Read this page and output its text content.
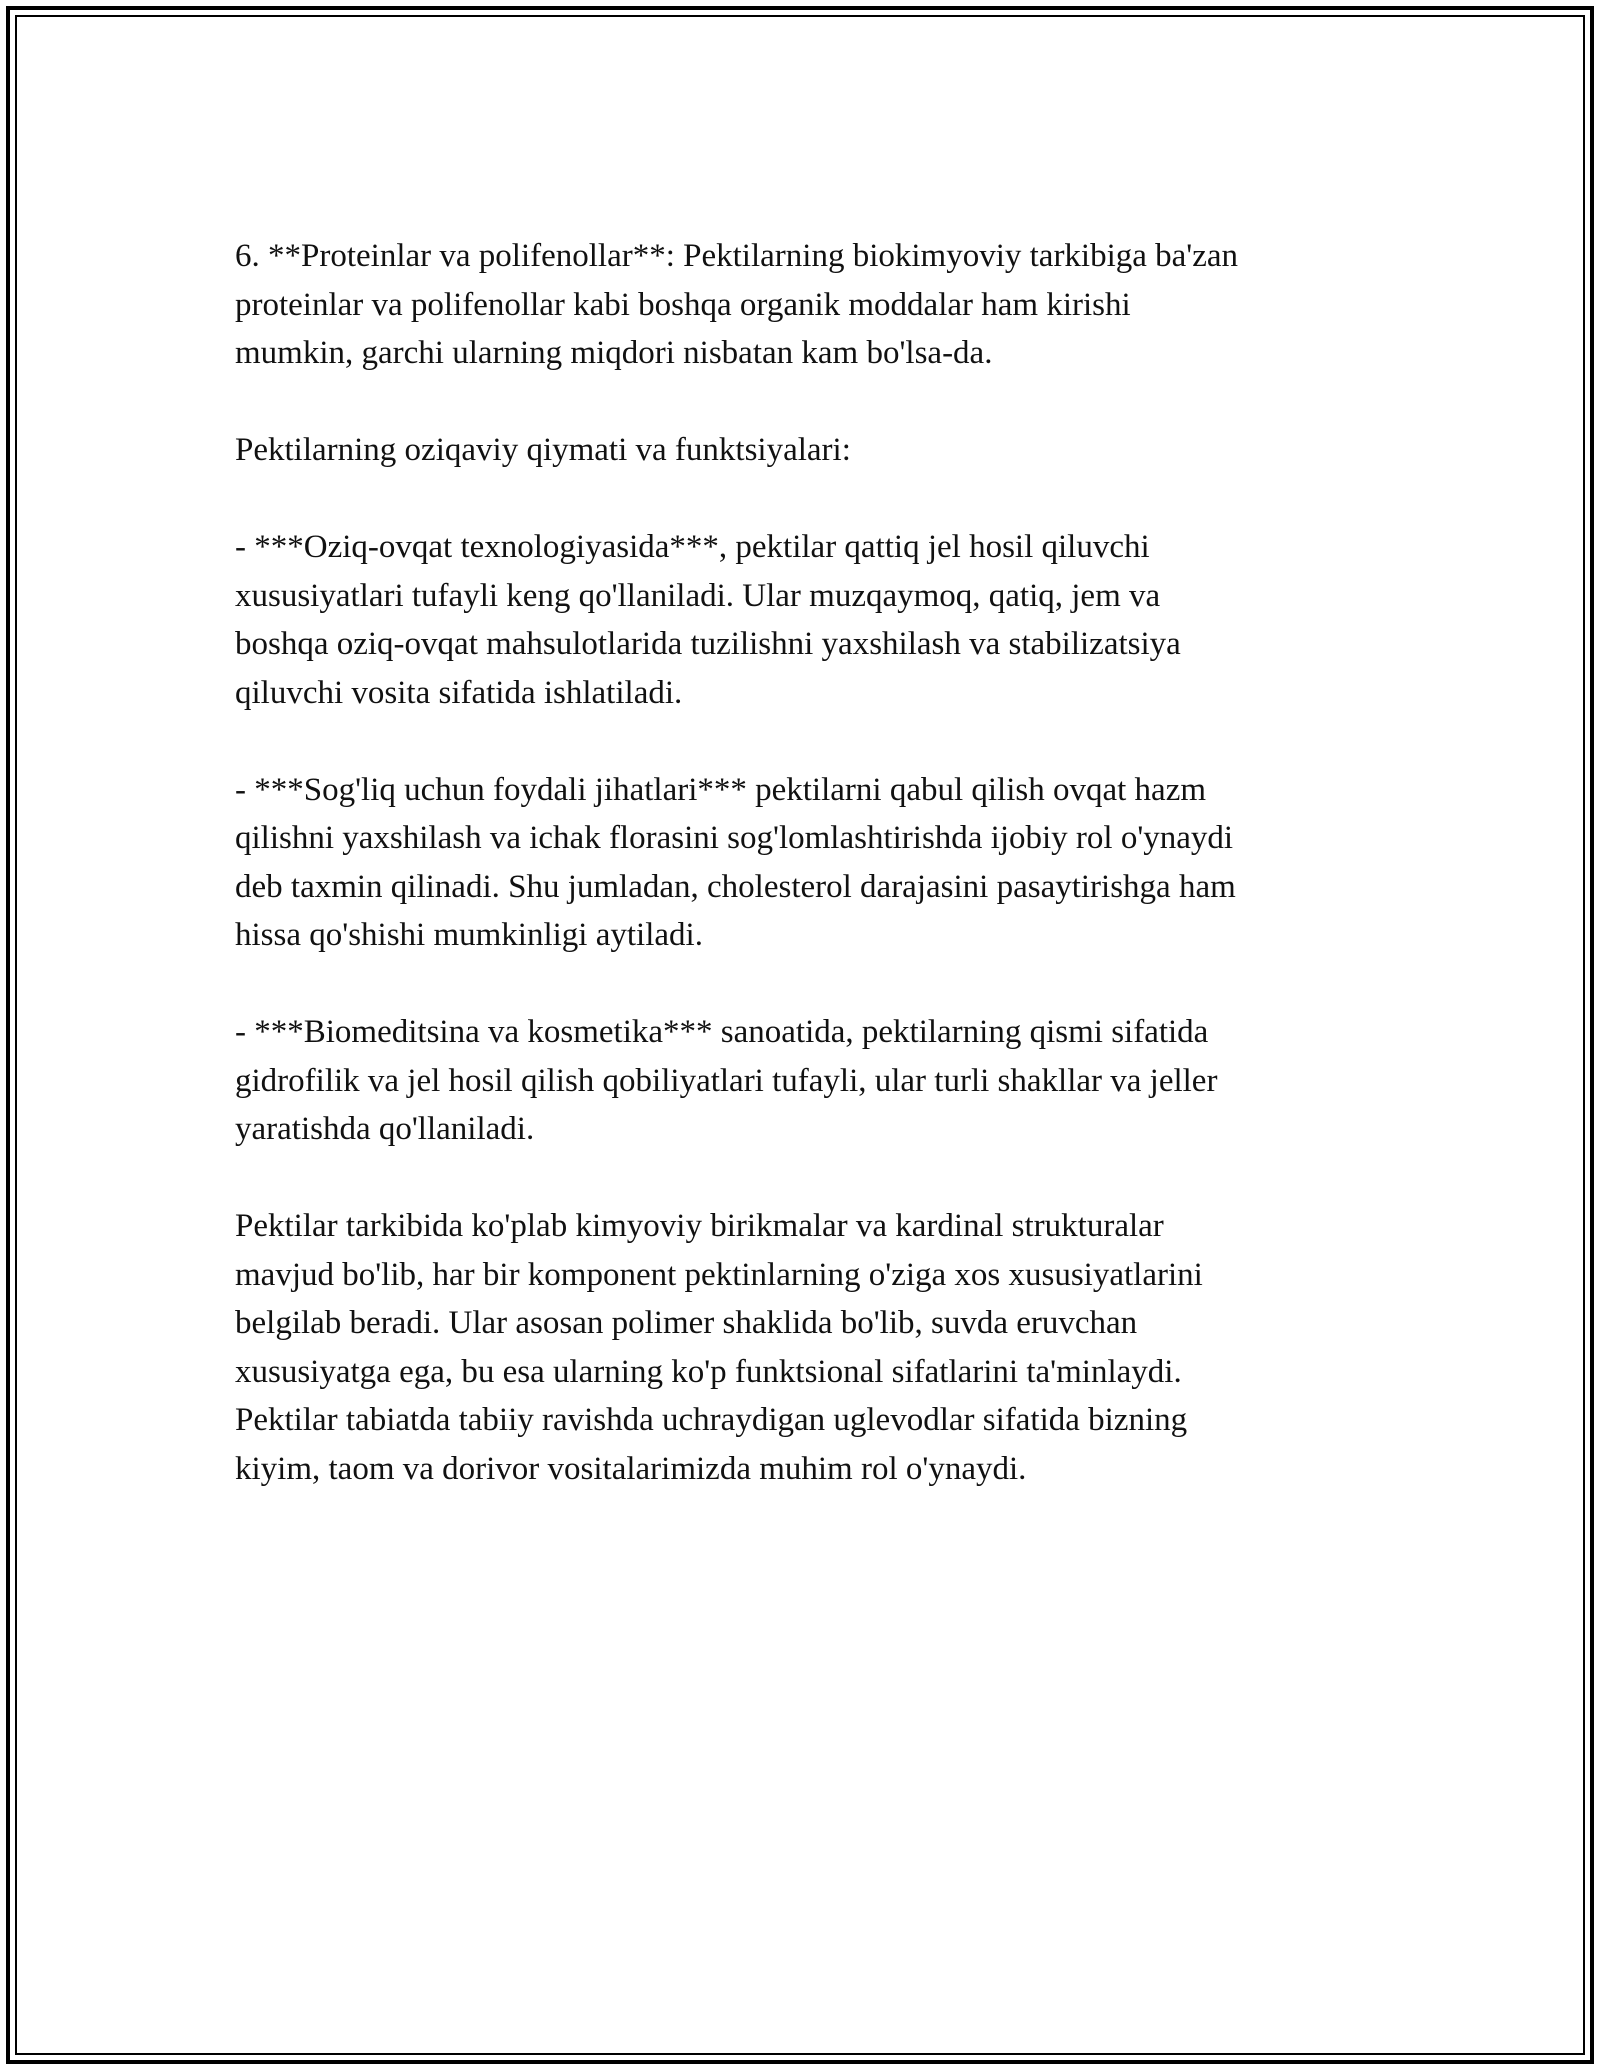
6. **Proteinlar va polifenollar**: Pektilarning biokimyoviy tarkibiga ba'zan
proteinlar va polifenollar kabi boshqa organik moddalar ham kirishi
mumkin, garchi ularning miqdori nisbatan kam bo'lsa-da.

Pektilarning oziqaviy qiymati va funktsiyalari:

- ***Oziq-ovqat texnologiyasida***, pektilar qattiq jel hosil qiluvchi
xususiyatlari tufayli keng qo'llaniladi. Ular muzqaymoq, qatiq, jem va
boshqa oziq-ovqat mahsulotlarida tuzilishni yaxshilash va stabilizatsiya
qiluvchi vosita sifatida ishlatiladi.

- ***Sog'liq uchun foydali jihatlari*** pektilarni qabul qilish ovqat hazm
qilishni yaxshilash va ichak florasini sog'lomlashtirishda ijobiy rol o'ynaydi
deb taxmin qilinadi. Shu jumladan, cholesterol darajasini pasaytirishga ham
hissa qo'shishi mumkinligi aytiladi.

- ***Biomeditsina va kosmetika*** sanoatida, pektilarning qismi sifatida
gidrofilik va jel hosil qilish qobiliyatlari tufayli, ular turli shakllar va jeller
yaratishda qo'llaniladi.

Pektilar tarkibida ko'plab kimyoviy birikmalar va kardinal strukturalar
mavjud bo'lib, har bir komponent pektinlarning o'ziga xos xususiyatlarini
belgilab beradi. Ular asosan polimer shaklida bo'lib, suvda eruvchan
xususiyatga ega, bu esa ularning ko'p funktsional sifatlarini ta'minlaydi.
Pektilar tabiatda tabiiy ravishda uchraydigan uglevodlar sifatida bizning
kiyim, taom va dorivor vositalarimizda muhim rol o'ynaydi.
